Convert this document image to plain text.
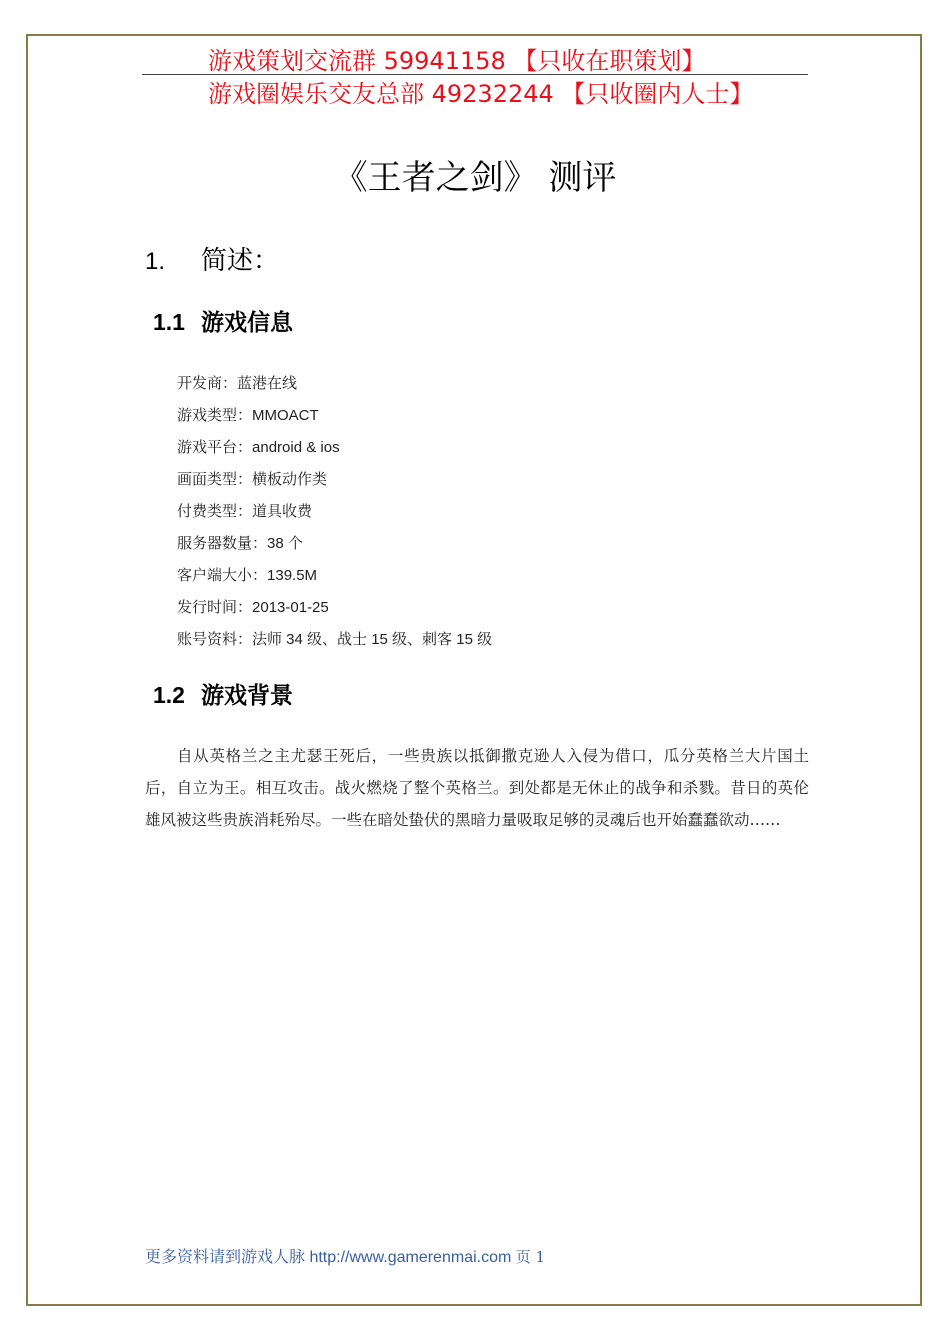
游戏策划交流群 59941158 【只收在职策划】
游戏圈娱乐交友总部 49232244 【只收圈内人士】
《王者之剑》 测评
1. 简述：
1.1 游戏信息
开发商：蓝港在线
游戏类型：MMOACT
游戏平台：android & ios
画面类型：横板动作类
付费类型：道具收费
服务器数量：38 个
客户端大小：139.5M
发行时间：2013-01-25
账号资料：法师 34 级、战士 15 级、刺客 15 级
1.2 游戏背景
自从英格兰之主尤瑟王死后，一些贵族以抵御撒克逊人入侵为借口，瓜分英格兰大片国土后，自立为王。相互攻击。战火燃烧了整个英格兰。到处都是无休止的战争和杀戮。昔日的英伦雄风被这些贵族消耗殆尽。一些在暗处蛰伏的黑暗力量吸取足够的灵魂后也开始蠢蠢欲动……
更多资料请到游戏人脉 http://www.gamerenmai.com 页 1
